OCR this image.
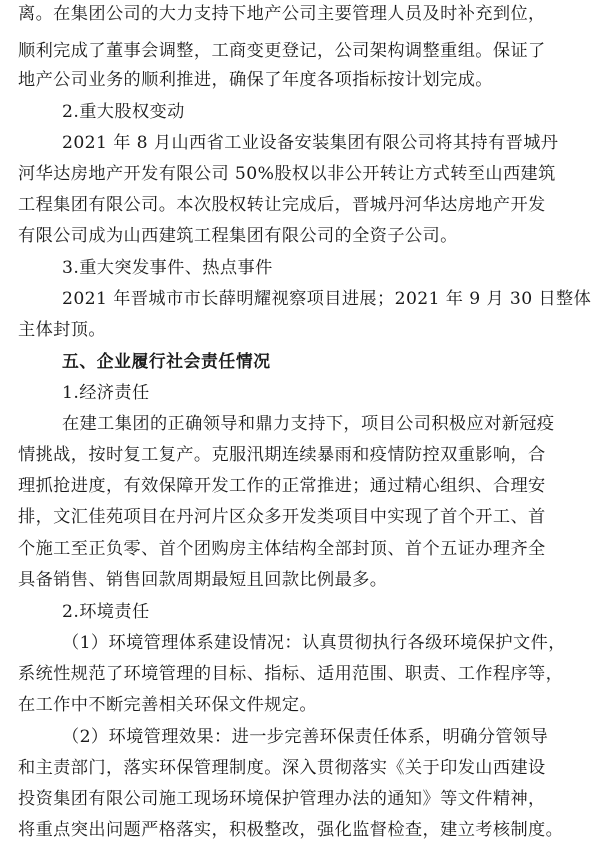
离。在集团公司的大力支持下地产公司主要管理人员及时补充到位，
顺利完成了董事会调整，工商变更登记，公司架构调整重组。保证了
地产公司业务的顺利推进，确保了年度各项指标按计划完成。
2.重大股权变动
2021 年 8 月山西省工业设备安装集团有限公司将其持有晋城丹
河华达房地产开发有限公司 50%股权以非公开转让方式转至山西建筑
工程集团有限公司。本次股权转让完成后，晋城丹河华达房地产开发
有限公司成为山西建筑工程集团有限公司的全资子公司。
3.重大突发事件、热点事件
2021 年晋城市市长薛明耀视察项目进展；2021 年 9 月 30 日整体
主体封顶。
五、企业履行社会责任情况
1.经济责任
在建工集团的正确领导和鼎力支持下，项目公司积极应对新冠疫
情挑战，按时复工复产。克服汛期连续暴雨和疫情防控双重影响，合
理抓抢进度，有效保障开发工作的正常推进；通过精心组织、合理安
排，文汇佳苑项目在丹河片区众多开发类项目中实现了首个开工、首
个施工至正负零、首个团购房主体结构全部封顶、首个五证办理齐全
具备销售、销售回款周期最短且回款比例最多。
2.环境责任
（1）环境管理体系建设情况：认真贯彻执行各级环境保护文件，
系统性规范了环境管理的目标、指标、适用范围、职责、工作程序等，
在工作中不断完善相关环保文件规定。
（2）环境管理效果：进一步完善环保责任体系，明确分管领导
和主责部门，落实环保管理制度。深入贯彻落实《关于印发山西建设
投资集团有限公司施工现场环境保护管理办法的通知》等文件精神，
将重点突出问题严格落实，积极整改，强化监督检查，建立考核制度。
